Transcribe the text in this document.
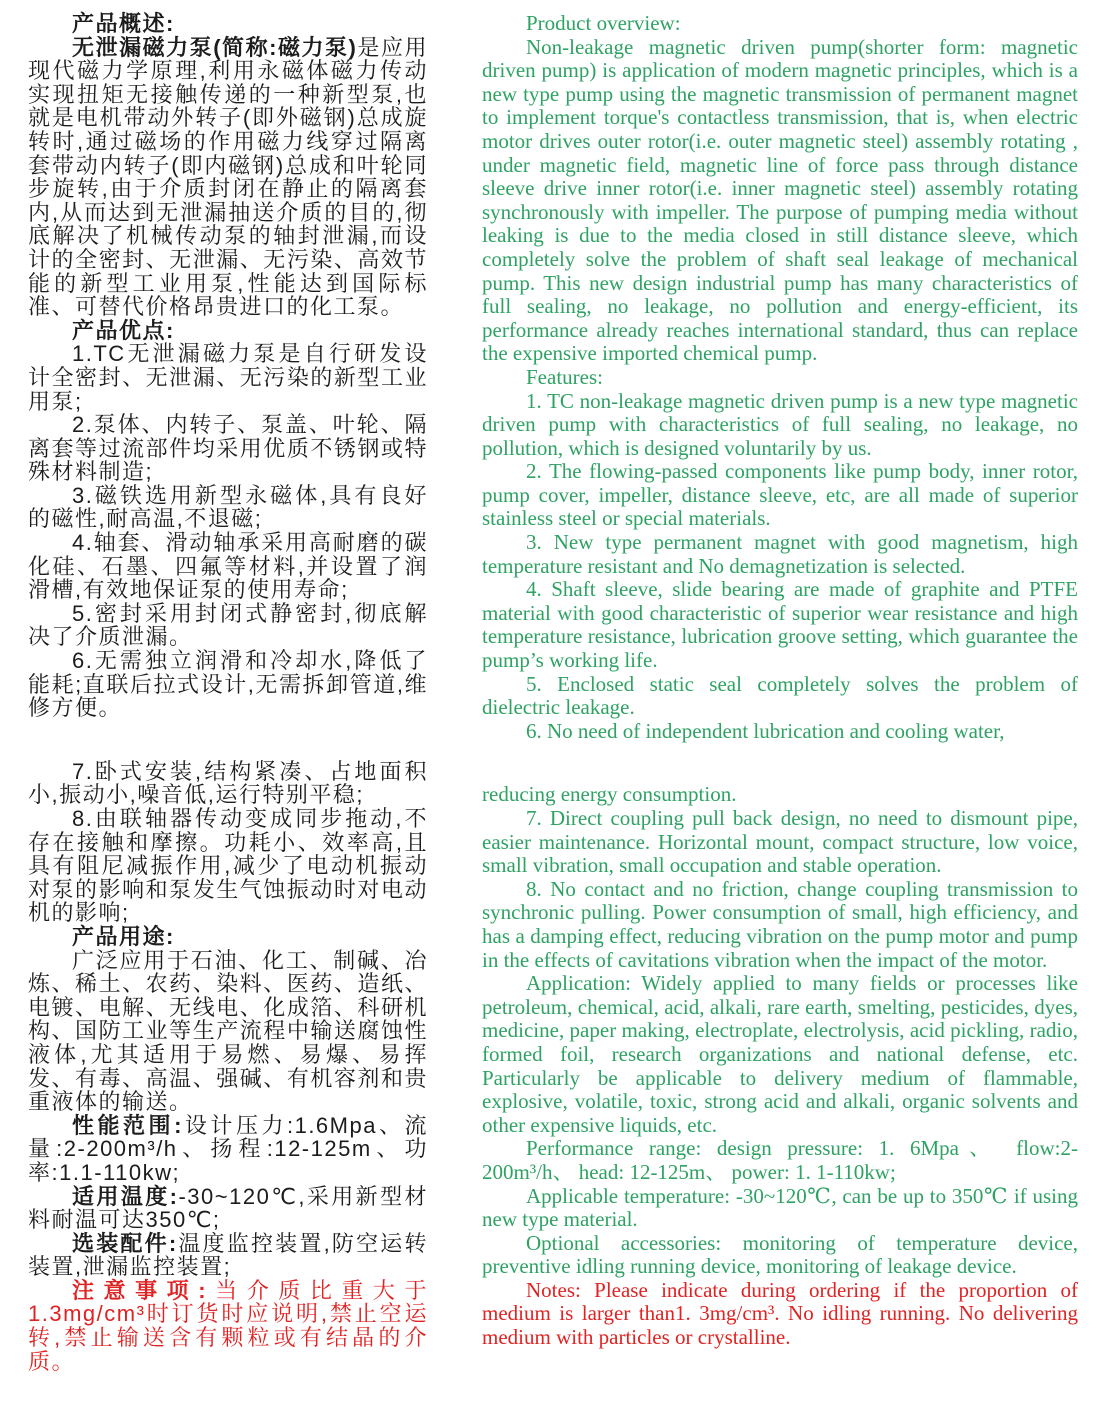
产品概述:

无泄漏磁力泵(简称:磁力泵)是应用现代磁力学原理,利用永磁体磁力传动实现扭矩无接触传递的一种新型泵,也就是电机带动外转子(即外磁钢)总成旋转时,通过磁场的作用磁力线穿过隔离套带动内转子(即内磁钢)总成和叶轮同步旋转,由于介质封闭在静止的隔离套内,从而达到无泄漏抽送介质的目的,彻底解决了机械传动泵的轴封泄漏,而设计的全密封、无泄漏、无污染、高效节能的新型工业用泵,性能达到国际标准、可替代价格昂贵进口的化工泵。

产品优点:

1.TC无泄漏磁力泵是自行研发设计全密封、无泄漏、无污染的新型工业用泵;

2.泵体、内转子、泵盖、叶轮、隔离套等过流部件均采用优质不锈钢或特殊材料制造;

3.磁铁选用新型永磁体,具有良好的磁性,耐高温,不退磁;

4.轴套、滑动轴承采用高耐磨的碳化硅、石墨、四氟等材料,并设置了润滑槽,有效地保证泵的使用寿命;

5.密封采用封闭式静密封,彻底解决了介质泄漏。

6.无需独立润滑和冷却水,降低了能耗;直联后拉式设计,无需拆卸管道,维修方便。

7.卧式安装,结构紧凑、占地面积小,振动小,噪音低,运行特别平稳;

8.由联轴器传动变成同步拖动,不存在接触和摩擦。功耗小、效率高,且具有阻尼减振作用,减少了电动机振动对泵的影响和泵发生气蚀振动时对电动机的影响;

产品用途:

广泛应用于石油、化工、制碱、冶炼、稀土、农药、染料、医药、造纸、电镀、电解、无线电、化成箔、科研机构、国防工业等生产流程中输送腐蚀性液体,尤其适用于易燃、易爆、易挥发、有毒、高温、强碱、有机容剂和贵重液体的输送。

性能范围:设计压力:1.6Mpa、流量:2-200m³/h、扬程:12-125m、功率:1.1-110kw;

适用温度:-30~120℃,采用新型材料耐温可达350℃;

选装配件:温度监控装置,防空运转装置,泄漏监控装置;

注意事项:当介质比重大于1.3mg/cm³时订货时应说明,禁止空运转,禁止输送含有颗粒或有结晶的介质。

Product overview:

Non-leakage magnetic driven pump(shorter form: magnetic driven pump) is application of modern magnetic principles, which is a new type pump using the magnetic transmission of permanent magnet to implement torque's contactless transmission, that is, when electric motor drives outer rotor(i.e. outer magnetic steel) assembly rotating , under magnetic field, magnetic line of force pass through distance sleeve drive inner rotor(i.e. inner magnetic steel) assembly rotating synchronously with impeller. The purpose of pumping media without leaking is due to the media closed in still distance sleeve, which completely solve the problem of shaft seal leakage of mechanical pump. This new design industrial pump has many characteristics of full sealing, no leakage, no pollution and energy-efficient, its performance already reaches international standard, thus can replace the expensive imported chemical pump.

Features:

1. TC non-leakage magnetic driven pump is a new type magnetic driven pump with characteristics of full sealing, no leakage, no pollution, which is designed voluntarily by us.

2. The flowing-passed components like pump body, inner rotor, pump cover, impeller, distance sleeve, etc, are all made of superior stainless steel or special materials.

3. New type permanent magnet with good magnetism, high temperature resistant and No demagnetization is selected.

4. Shaft sleeve, slide bearing are made of graphite and PTFE material with good characteristic of superior wear resistance and high temperature resistance, lubrication groove setting, which guarantee the pump’s working life.

5. Enclosed static seal completely solves the problem of dielectric leakage.

6. No need of independent lubrication and cooling water,

reducing energy consumption.

7. Direct coupling pull back design, no need to dismount pipe, easier maintenance. Horizontal mount, compact structure, low voice, small vibration, small occupation and stable operation.

8. No contact and no friction, change coupling transmission to synchronic pulling. Power consumption of small, high efficiency, and has a damping effect, reducing vibration on the pump motor and pump in the effects of cavitations vibration when the impact of the motor.

Application: Widely applied to many fields or processes like petroleum, chemical, acid, alkali, rare earth, smelting, pesticides, dyes, medicine, paper making, electroplate, electrolysis, acid pickling, radio, formed foil, research organizations and national defense, etc. Particularly be applicable to delivery medium of flammable, explosive, volatile, toxic, strong acid and alkali, organic solvents and other expensive liquids, etc.

Performance range: design pressure: 1. 6Mpa、 flow:2-200m³/h、 head: 12-125m、 power: 1. 1-110kw;

Applicable temperature: -30~120℃, can be up to 350℃ if using new type material.

Optional accessories: monitoring of temperature device, preventive idling running device, monitoring of leakage device.

Notes: Please indicate during ordering if the proportion of medium is larger than1. 3mg/cm³. No idling running. No delivering medium with particles or crystalline.
